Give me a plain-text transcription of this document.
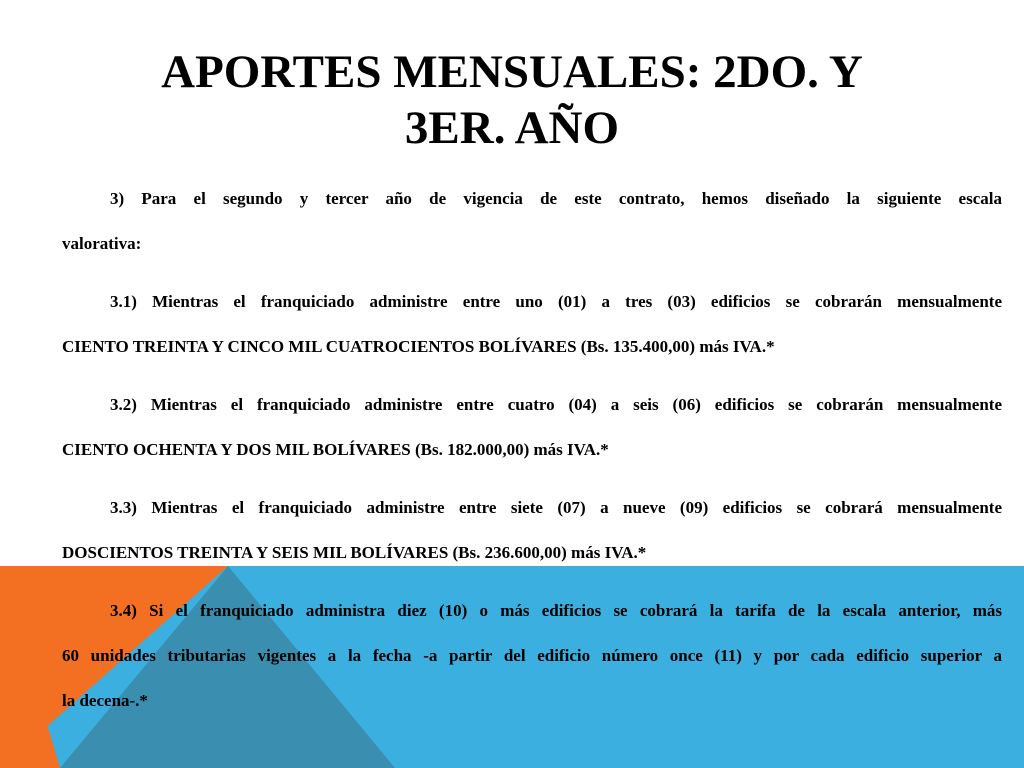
APORTES MENSUALES: 2DO. Y
3ER. AÑO

3) Para el segundo y tercer año de vigencia de este contrato, hemos diseñado la siguiente escala
valorativa:

3.1) Mientras el franquiciado administre entre uno (01) a tres (03) edificios se cobrarán mensualmente
CIENTO TREINTA Y CINCO MIL CUATROCIENTOS BOLÍVARES (Bs. 135.400,00) más IVA.*

3.2) Mientras el franquiciado administre entre cuatro (04) a seis (06) edificios se cobrarán mensualmente
CIENTO OCHENTA Y DOS MIL BOLÍVARES (Bs. 182.000,00) más IVA.*

3.3) Mientras el franquiciado administre entre siete (07) a nueve (09) edificios se cobrará mensualmente
DOSCIENTOS TREINTA Y SEIS MIL BOLÍVARES (Bs. 236.600,00) más IVA.*

3.4) Si el franquiciado administra diez (10) o más edificios se cobrará la tarifa de la escala anterior, más
60 unidades tributarias vigentes a la fecha -a partir del edificio número once (11) y por cada edificio superior a
la decena-.*
